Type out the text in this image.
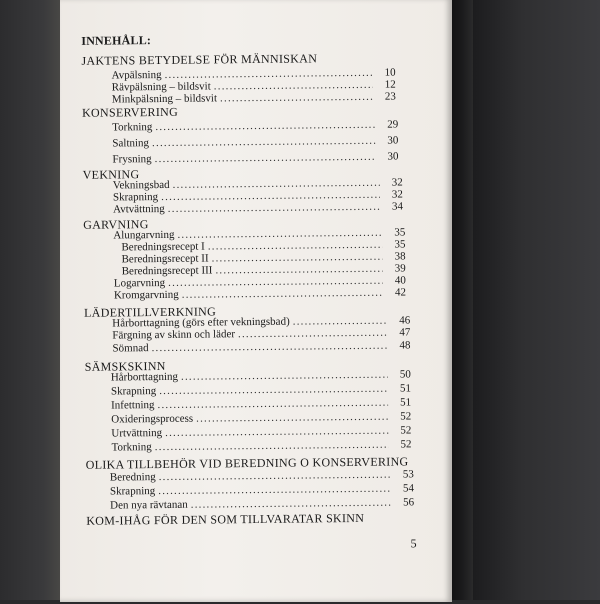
INNEHÅLL:
JAKTENS BETYDELSE FÖR MÄNNISKAN
Avpälsning .....	10
Rävpälsning – bildsvit .....	12
Minkpälsning – bildsvit .....	23
KONSERVERING
Torkning .....	29
Saltning .....	30
Frysning .....	30
VEKNING
Vekningsbad .....	32
Skrapning .....	32
Avtvättning .....	34
GARVNING
Alungarvning .....	35
Beredningsrecept I .....	35
Beredningsrecept II .....	38
Beredningsrecept III .....	39
Logarvning .....	40
Kromgarvning .....	42
LÄDERTILLVERKNING
Hårborttagning (görs efter vekningsbad) .....	46
Färgning av skinn och läder .....	47
Sömnad .....	48
SÄMSKSKINN
Hårborttagning .....	50
Skrapning .....	51
Infettning .....	51
Oxideringsprocess .....	52
Urtvättning .....	52
Torkning .....	52
OLIKA TILLBEHÖR VID BEREDNING O KONSERVERING
Beredning .....	53
Skrapning .....	54
Den nya rävtanan .....	56
KOM-IHÅG FÖR DEN SOM TILLVARATAR SKINN
5
